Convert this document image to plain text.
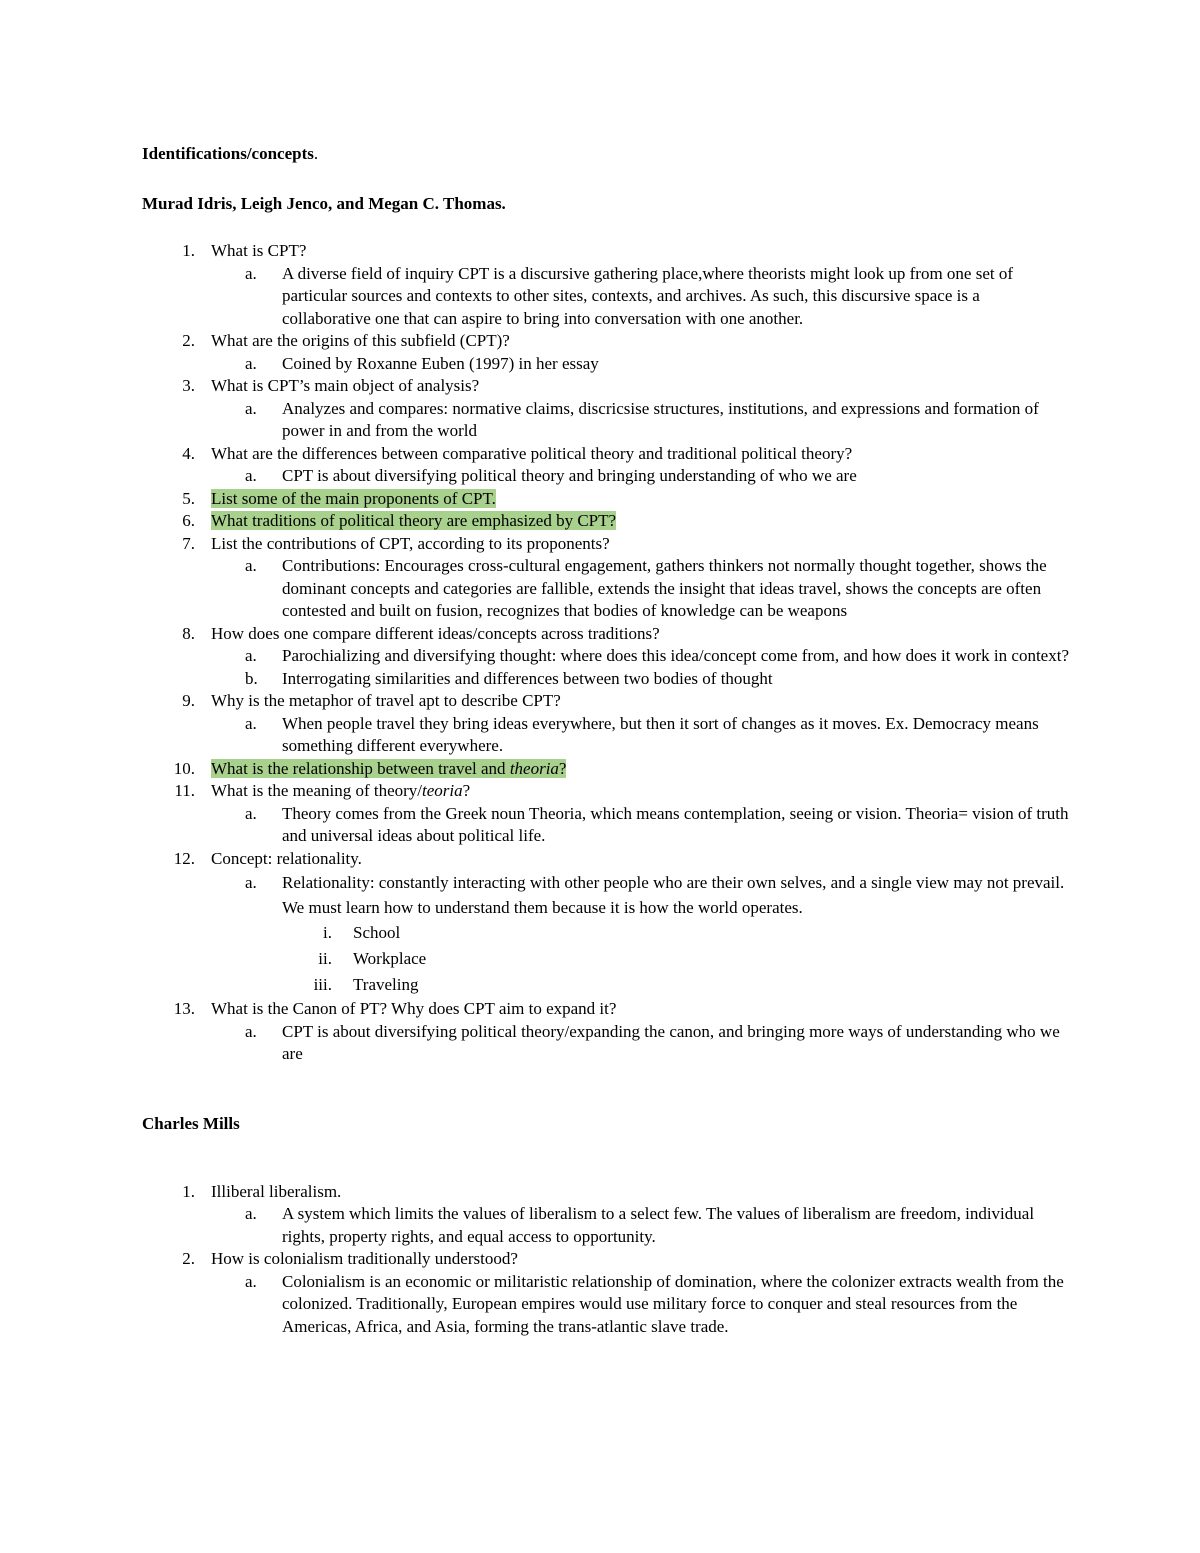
Identifications/concepts.

Murad Idris, Leigh Jenco, and Megan C. Thomas.

1. What is CPT?
a. A diverse field of inquiry CPT is a discursive gathering place,where theorists might look up from one set of particular sources and contexts to other sites, contexts, and archives. As such, this discursive space is a collaborative one that can aspire to bring into conversation with one another.
2. What are the origins of this subfield (CPT)?
a. Coined by Roxanne Euben (1997) in her essay
3. What is CPT’s main object of analysis?
a. Analyzes and compares: normative claims, discricsise structures, institutions, and expressions and formation of power in and from the world
4. What are the differences between comparative political theory and traditional political theory?
a. CPT is about diversifying political theory and bringing understanding of who we are
5. List some of the main proponents of CPT.
6. What traditions of political theory are emphasized by CPT?
7. List the contributions of CPT, according to its proponents?
a. Contributions: Encourages cross-cultural engagement, gathers thinkers not normally thought together, shows the dominant concepts and categories are fallible, extends the insight that ideas travel, shows the concepts are often contested and built on fusion, recognizes that bodies of knowledge can be weapons
8. How does one compare different ideas/concepts across traditions?
a. Parochializing and diversifying thought: where does this idea/concept come from, and how does it work in context?
b. Interrogating similarities and differences between two bodies of thought
9. Why is the metaphor of travel apt to describe CPT?
a. When people travel they bring ideas everywhere, but then it sort of changes as it moves. Ex. Democracy means something different everywhere.
10. What is the relationship between travel and theoria?
11. What is the meaning of theory/teoria?
a. Theory comes from the Greek noun Theoria, which means contemplation, seeing or vision. Theoria= vision of truth and universal ideas about political life.
12. Concept: relationality.
a. Relationality: constantly interacting with other people who are their own selves, and a single view may not prevail. We must learn how to understand them because it is how the world operates.
i. School
ii. Workplace
iii. Traveling
13. What is the Canon of PT? Why does CPT aim to expand it?
a. CPT is about diversifying political theory/expanding the canon, and bringing more ways of understanding who we are

Charles Mills

1. Illiberal liberalism.
a. A system which limits the values of liberalism to a select few. The values of liberalism are freedom, individual rights, property rights, and equal access to opportunity.
2. How is colonialism traditionally understood?
a. Colonialism is an economic or militaristic relationship of domination, where the colonizer extracts wealth from the colonized. Traditionally, European empires would use military force to conquer and steal resources from the Americas, Africa, and Asia, forming the trans-atlantic slave trade.
